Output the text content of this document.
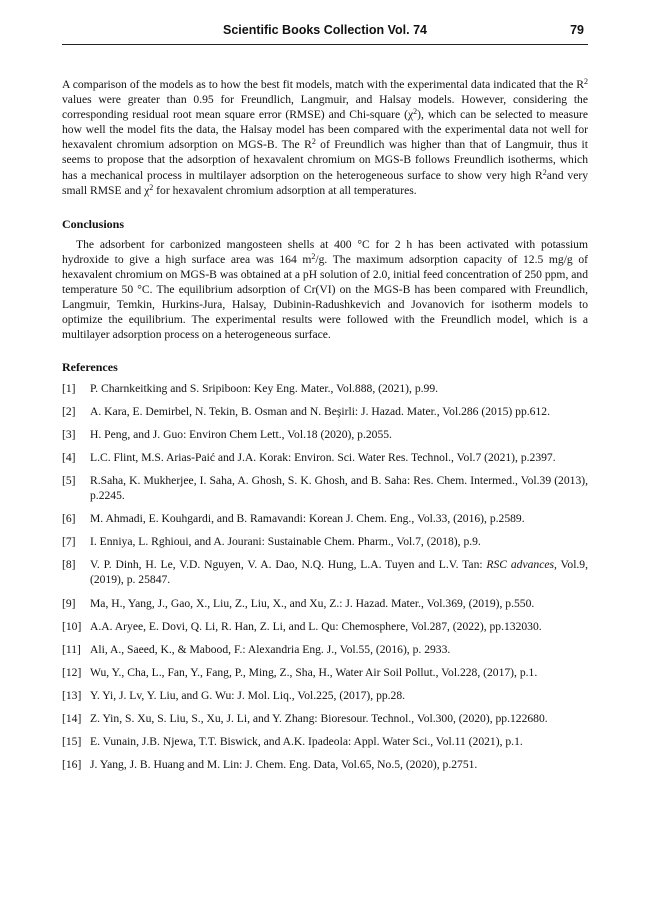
Scientific Books Collection Vol. 74	79

A comparison of the models as to how the best fit models, match with the experimental data indicated that the $R^2$ values were greater than 0.95 for Freundlich, Langmuir, and Halsay models. However, considering the corresponding residual root mean square error (RMSE) and Chi-square $(\chi^2)$, which can be selected to measure how well the model fits the data, the Halsay model has been compared with the experimental data not well for hexavalent chromium adsorption on MGS-B. The $R^2$ of Freundlich was higher than that of Langmuir, thus it seems to propose that the adsorption of hexavalent chromium on MGS-B follows Freundlich isotherms, which has a mechanical process in multilayer adsorption on the heterogeneous surface to show very high $R^2and$ very small RMSE and $\chi^2$ for hexavalent chromium adsorption at all temperatures.

Conclusions

The adsorbent for carbonized mangosteen shells at 400 °C for 2 h has been activated with potassium hydroxide to give a high surface area was 164 $m^2/g$. The maximum adsorption capacity of 12.5 mg/g of hexavalent chromium on MGS-B was obtained at a pH solution of 2.0, initial feed concentration of 250 ppm, and temperature 50 °C. The equilibrium adsorption of Cr(VI) on the MGS-B has been compared with Freundlich, Langmuir, Temkin, Hurkins-Jura, Halsay, Dubinin-Radushkevich and Jovanovich for isotherm models to optimize the equilibrium. The experimental results were followed with the Freundlich model, which is a multilayer adsorption process on a heterogeneous surface.

References
[1]	P. Charnkeitking and S. Sripiboon: Key Eng. Mater., Vol.888, (2021), p.99.
[2]	A. Kara, E. Demirbel, N. Tekin, B. Osman and N. Beşirli: J. Hazad. Mater., Vol.286 (2015) pp.612.
[3]	H. Peng, and J. Guo: Environ Chem Lett., Vol.18 (2020), p.2055.
[4]	L.C. Flint, M.S. Arias-Paić and J.A. Korak: Environ. Sci. Water Res. Technol., Vol.7 (2021), p.2397.
[5]	R.Saha, K. Mukherjee, I. Saha, A. Ghosh, S. K. Ghosh, and B. Saha: Res. Chem. Intermed., Vol.39 (2013), p.2245.
[6]	M. Ahmadi, E. Kouhgardi, and B. Ramavandi: Korean J. Chem. Eng., Vol.33, (2016), p.2589.
[7]	I. Enniya, L. Rghioui, and A. Jourani: Sustainable Chem. Pharm., Vol.7, (2018), p.9.
[8]	V. P. Dinh, H. Le, V.D. Nguyen, V. A. Dao, N.Q. Hung, L.A. Tuyen and L.V. Tan: RSC advances, Vol.9, (2019), p. 25847.
[9]	Ma, H., Yang, J., Gao, X., Liu, Z., Liu, X., and Xu, Z.: J. Hazad. Mater., Vol.369, (2019), p.550.
[10] A.A. Aryee, E. Dovi, Q. Li, R. Han, Z. Li, and L. Qu: Chemosphere, Vol.287, (2022), pp.132030.
[11] Ali, A., Saeed, K., & Mabood, F.: Alexandria Eng. J., Vol.55, (2016), p. 2933.
[12] Wu, Y., Cha, L., Fan, Y., Fang, P., Ming, Z., Sha, H., Water Air Soil Pollut., Vol.228, (2017), p.1.
[13] Y. Yi, J. Lv, Y. Liu, and G. Wu: J. Mol. Liq., Vol.225, (2017), pp.28.
[14] Z. Yin, S. Xu, S. Liu, S., Xu, J. Li, and Y. Zhang: Bioresour. Technol., Vol.300, (2020), pp.122680.
[15] E. Vunain, J.B. Njewa, T.T. Biswick, and A.K. Ipadeola: Appl. Water Sci., Vol.11 (2021), p.1.
[16] J. Yang, J. B. Huang and M. Lin: J. Chem. Eng. Data, Vol.65, No.5, (2020), p.2751.
